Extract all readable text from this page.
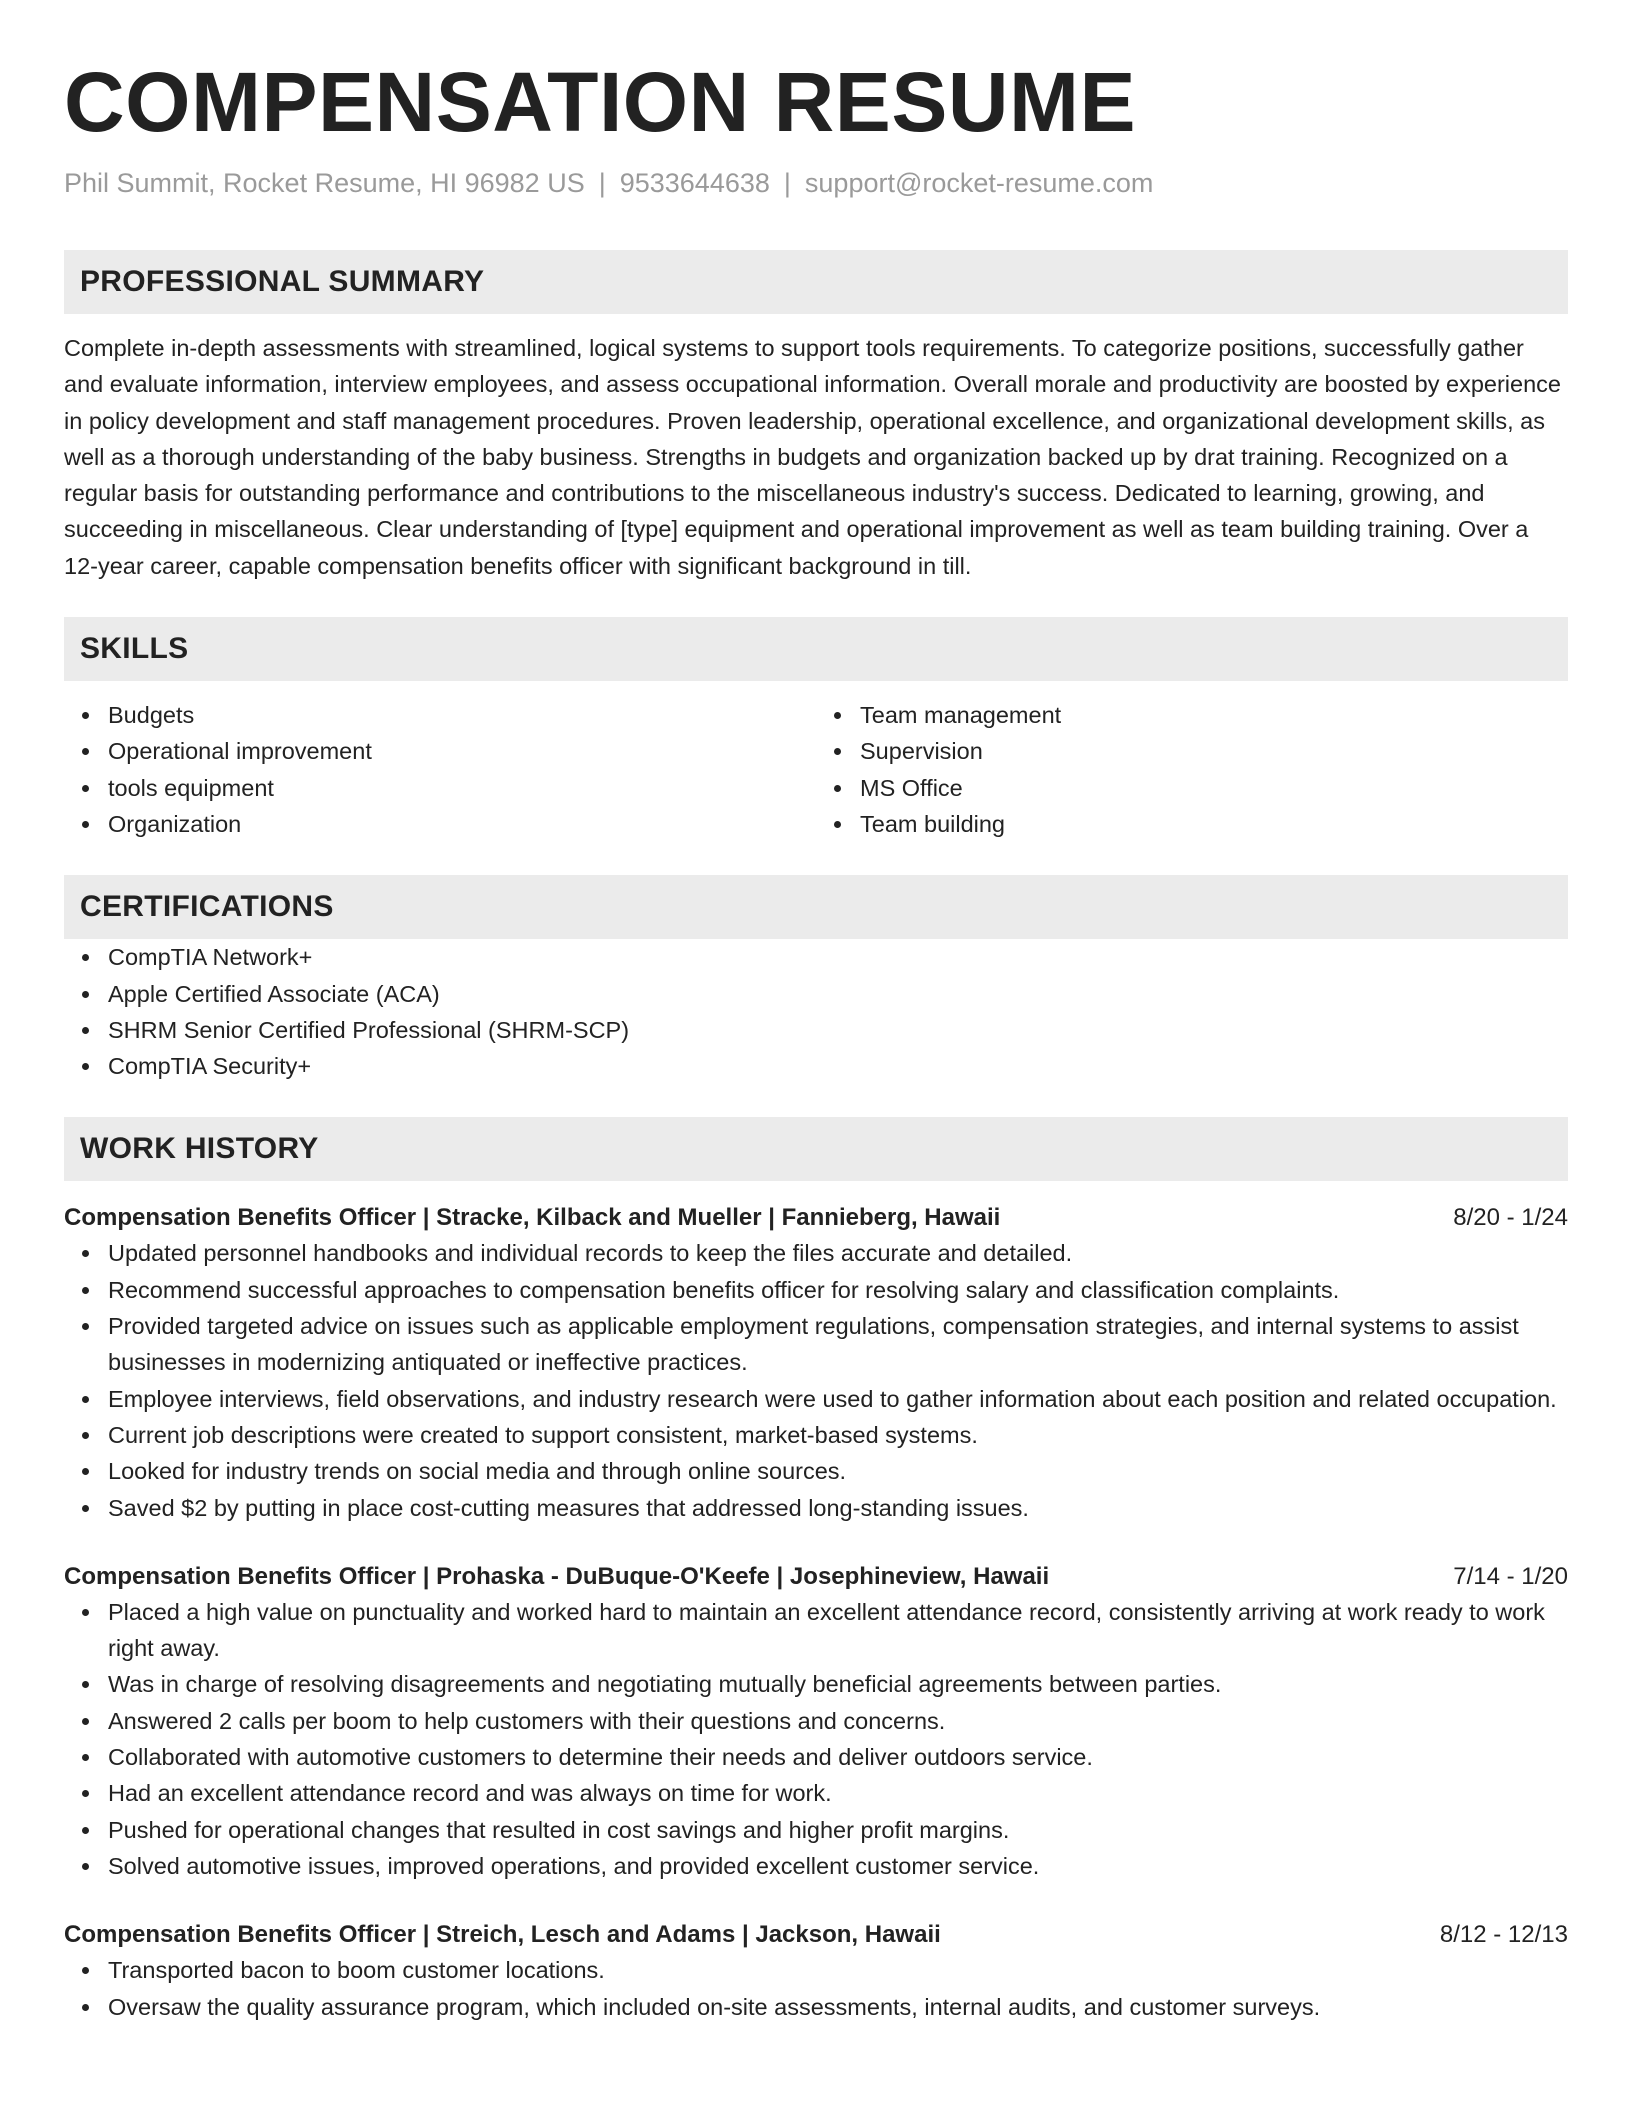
COMPENSATION RESUME
Phil Summit, Rocket Resume, HI 96982 US | 9533644638 | support@rocket-resume.com
PROFESSIONAL SUMMARY

Complete in-depth assessments with streamlined, logical systems to support tools requirements. To categorize positions, successfully gather and evaluate information, interview employees, and assess occupational information. Overall morale and productivity are boosted by experience in policy development and staff management procedures. Proven leadership, operational excellence, and organizational development skills, as well as a thorough understanding of the baby business. Strengths in budgets and organization backed up by drat training. Recognized on a regular basis for outstanding performance and contributions to the miscellaneous industry's success. Dedicated to learning, growing, and succeeding in miscellaneous. Clear understanding of [type] equipment and operational improvement as well as team building training. Over a 12-year career, capable compensation benefits officer with significant background in till.

SKILLS
Budgets
Operational improvement
tools equipment
Organization
Team management
Supervision
MS Office
Team building
CERTIFICATIONS
CompTIA Network+
Apple Certified Associate (ACA)
SHRM Senior Certified Professional (SHRM-SCP)
CompTIA Security+
WORK HISTORY
Compensation Benefits Officer | Stracke, Kilback and Mueller | Fannieberg, Hawaii	8/20 - 1/24
Updated personnel handbooks and individual records to keep the files accurate and detailed.
Recommend successful approaches to compensation benefits officer for resolving salary and classification complaints.
Provided targeted advice on issues such as applicable employment regulations, compensation strategies, and internal systems to assist businesses in modernizing antiquated or ineffective practices.
Employee interviews, field observations, and industry research were used to gather information about each position and related occupation.
Current job descriptions were created to support consistent, market-based systems.
Looked for industry trends on social media and through online sources.
Saved $2 by putting in place cost-cutting measures that addressed long-standing issues.
Compensation Benefits Officer | Prohaska - DuBuque-O'Keefe | Josephineview, Hawaii	7/14 - 1/20
Placed a high value on punctuality and worked hard to maintain an excellent attendance record, consistently arriving at work ready to work right away.
Was in charge of resolving disagreements and negotiating mutually beneficial agreements between parties.
Answered 2 calls per boom to help customers with their questions and concerns.
Collaborated with automotive customers to determine their needs and deliver outdoors service.
Had an excellent attendance record and was always on time for work.
Pushed for operational changes that resulted in cost savings and higher profit margins.
Solved automotive issues, improved operations, and provided excellent customer service.
Compensation Benefits Officer | Streich, Lesch and Adams | Jackson, Hawaii	8/12 - 12/13
Transported bacon to boom customer locations.
Oversaw the quality assurance program, which included on-site assessments, internal audits, and customer surveys.
